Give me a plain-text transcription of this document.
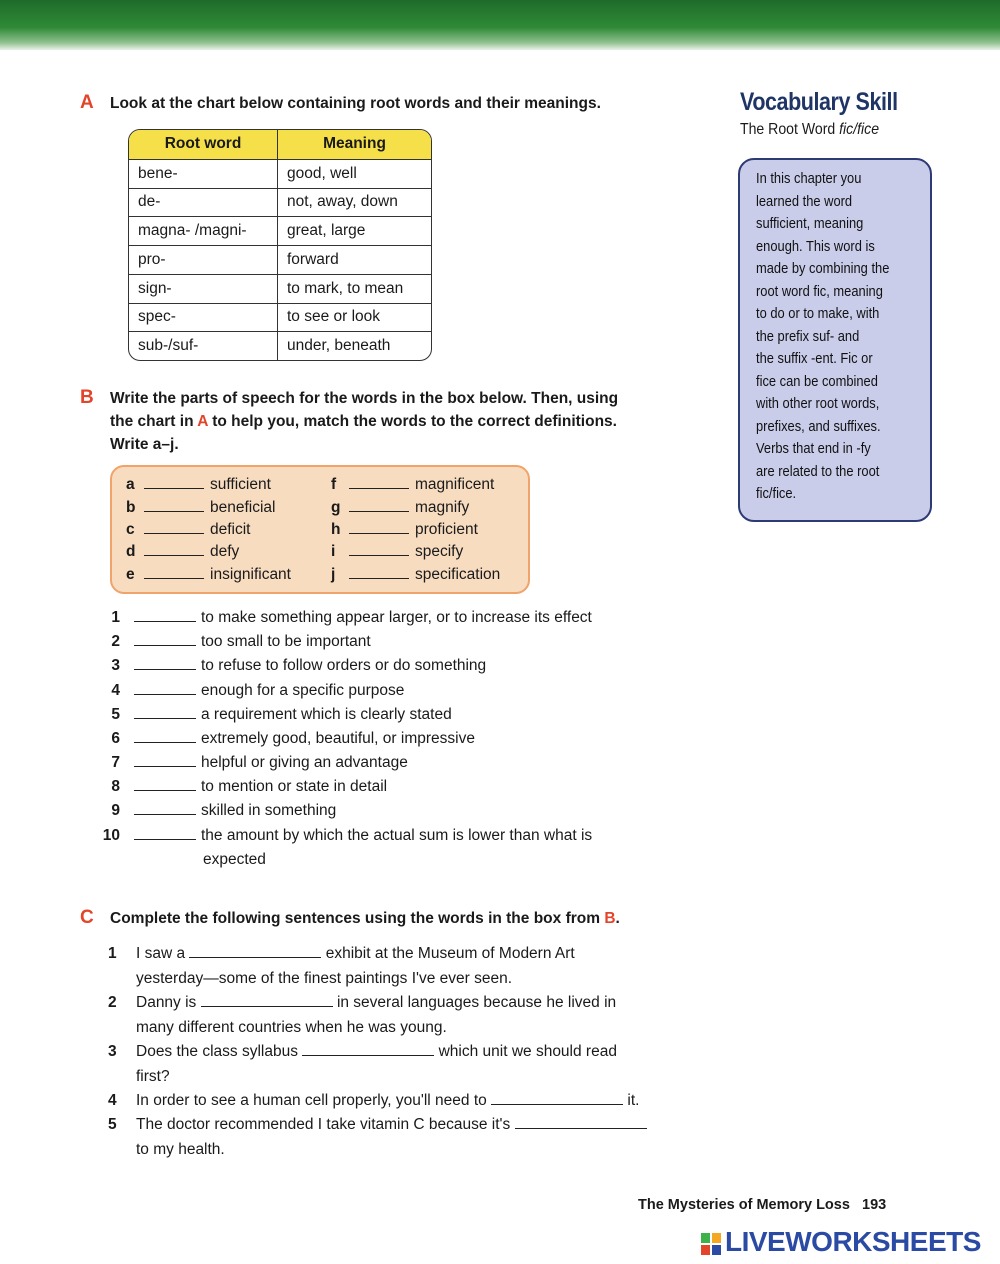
A Look at the chart below containing root words and their meanings.
Root word	Meaning
bene-	good, well
de-	not, away, down
magna- /magni-	great, large
pro-	forward
sign-	to mark, to mean
spec-	to see or look
sub-/suf-	under, beneath
B Write the parts of speech for the words in the box below. Then, using
the chart in A to help you, match the words to the correct definitions.
Write a–j.
a	sufficient
b	beneficial
c	deficit
d	defy
e	insignificant
f	magnificent
g	magnify
h	proficient
i	specify
j	specification
1	to make something appear larger, or to increase its effect
2	too small to be important
3	to refuse to follow orders or do something
4	enough for a specific purpose
5	a requirement which is clearly stated
6	extremely good, beautiful, or impressive
7	helpful or giving an advantage
8	to mention or state in detail
9	skilled in something
10	the amount by which the actual sum is lower than what is
expected
C Complete the following sentences using the words in the box from B.
1 I saw a	exhibit at the Museum of Modern Art
yesterday—some of the finest paintings I've ever seen.
2 Danny is	in several languages because he lived in
many different countries when he was young.
3 Does the class syllabus	which unit we should read
first?
4 In order to see a human cell properly, you'll need to	it.
5 The doctor recommended I take vitamin C because it's
to my health.
Vocabulary Skill
The Root Word fic/fice
In this chapter you
learned the word
sufficient, meaning
enough. This word is
made by combining the
root word fic, meaning
to do or to make, with
the prefix suf- and
the suffix -ent. Fic or
fice can be combined
with other root words,
prefixes, and suffixes.
Verbs that end in -fy
are related to the root
fic/fice.
The Mysteries of Memory Loss 193
LIVEWORKSHEETS
